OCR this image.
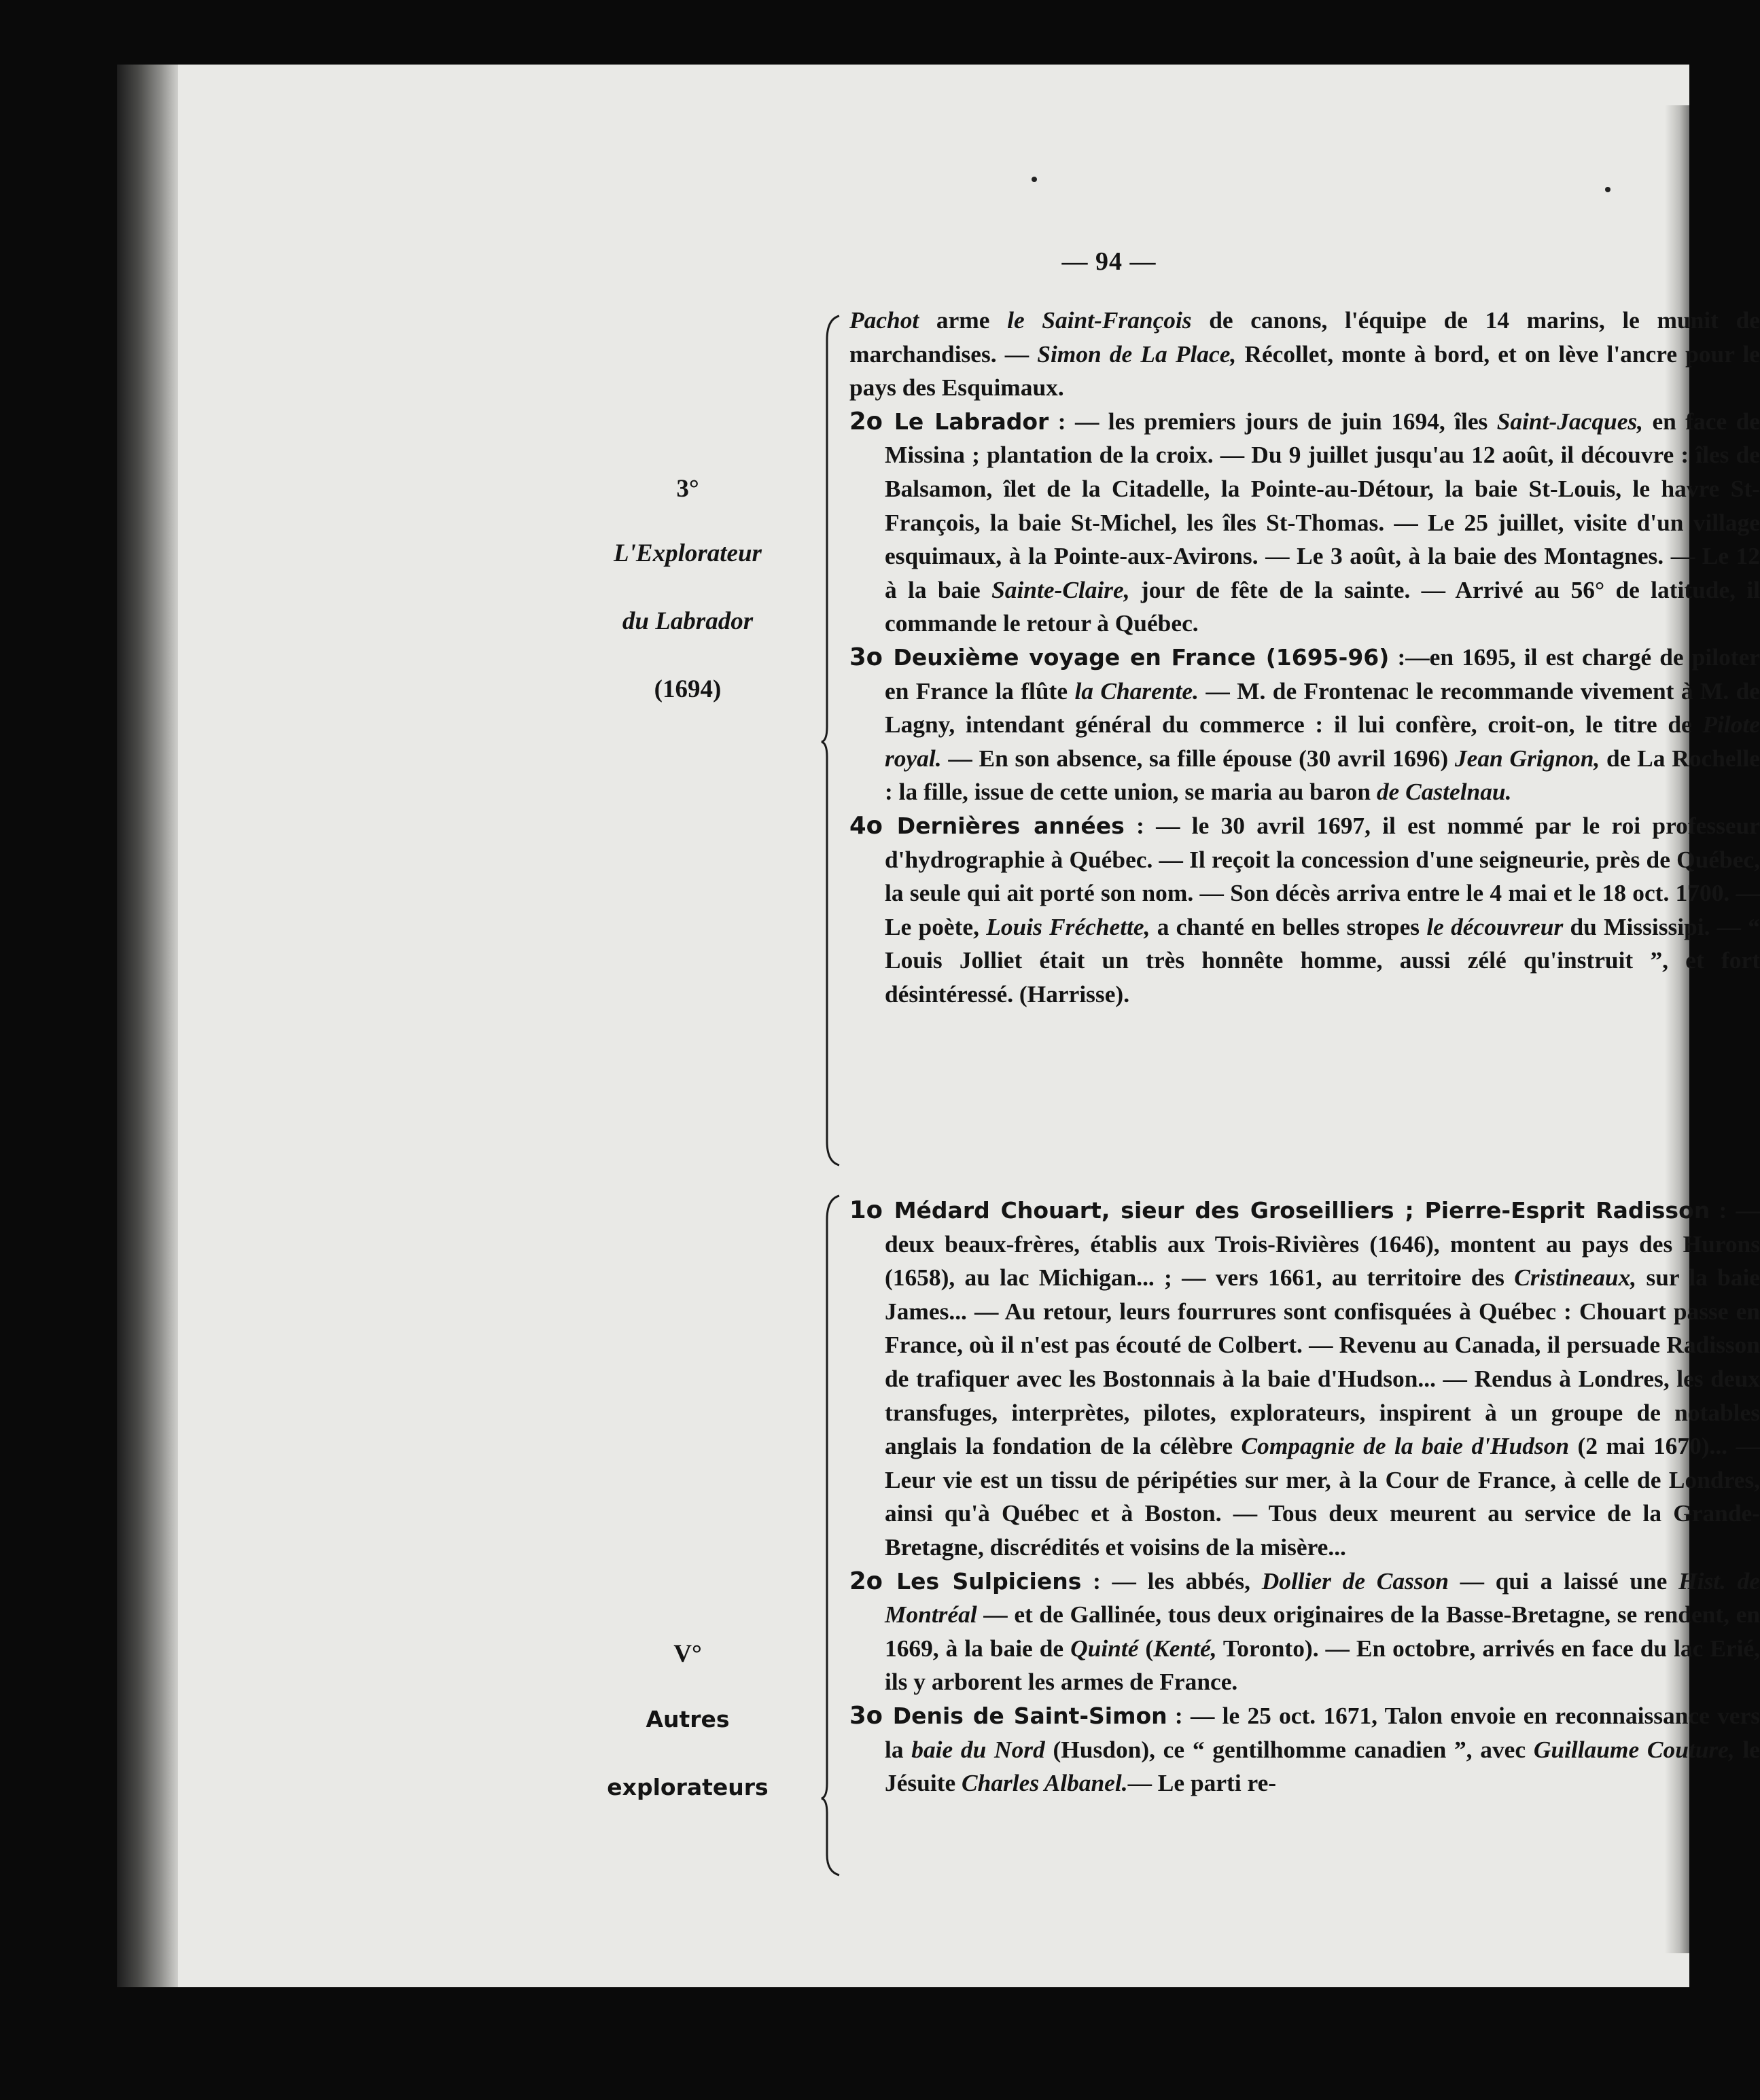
— 94 —
3°
L'Explorateur
du Labrador
(1694)
V°
Autres
explorateurs

Pachot arme le Saint-François de canons, l'équipe de 14 marins, le munit de marchandises. — Simon de La Place, Récollet, monte à bord, et on lève l'ancre pour le pays des Esquimaux.

2o Le Labrador : — les premiers jours de juin 1694, îles Saint-Jacques, en face de Missina ; plantation de la croix. — Du 9 juillet jusqu'au 12 août, il découvre : îles de Balsamon, îlet de la Citadelle, la Pointe-au-Détour, la baie St-Louis, le havre St-François, la baie St-Michel, les îles St-Thomas. — Le 25 juillet, visite d'un village esquimaux, à la Pointe-aux-Avirons. — Le 3 août, à la baie des Montagnes. — Le 12 à la baie Sainte-Claire, jour de fête de la sainte. — Arrivé au 56° de latitude, il commande le retour à Québec.

3o Deuxième voyage en France (1695-96) :—en 1695, il est chargé de piloter en France la flûte la Charente. — M. de Frontenac le recommande vivement à M. de Lagny, intendant général du commerce : il lui confère, croit-on, le titre de Pilote royal. — En son absence, sa fille épouse (30 avril 1696) Jean Grignon, de La Rochelle : la fille, issue de cette union, se maria au baron de Castelnau.

4o Dernières années : — le 30 avril 1697, il est nommé par le roi professeur d'hydrographie à Québec. — Il reçoit la concession d'une seigneurie, près de Québec, la seule qui ait porté son nom. — Son décès arriva entre le 4 mai et le 18 oct. 1700. — Le poète, Louis Fréchette, a chanté en belles stropes le découvreur du Mississipi. — “ Louis Jolliet était un très honnête homme, aussi zélé qu'instruit ”, et fort désintéressé. (Harrisse).

1o Médard Chouart, sieur des Groseilliers ; Pierre-Esprit Radisson : — deux beaux-frères, établis aux Trois-Rivières (1646), montent au pays des Hurons (1658), au lac Michigan... ; — vers 1661, au territoire des Cristineaux, sur la baie James... — Au retour, leurs fourrures sont confisquées à Québec : Chouart passe en France, où il n'est pas écouté de Colbert. — Revenu au Canada, il persuade Radisson de trafiquer avec les Bostonnais à la baie d'Hudson... — Rendus à Londres, les deux transfuges, interprètes, pilotes, explorateurs, inspirent à un groupe de notables anglais la fondation de la célèbre Compagnie de la baie d'Hudson (2 mai 1670)... — Leur vie est un tissu de péripéties sur mer, à la Cour de France, à celle de Londres, ainsi qu'à Québec et à Boston. — Tous deux meurent au service de la Grande-Bretagne, discrédités et voisins de la misère...

2o Les Sulpiciens : — les abbés, Dollier de Casson — qui a laissé une Hist. de Montréal — et de Gallinée, tous deux originaires de la Basse-Bretagne, se rendent, en 1669, à la baie de Quinté (Kenté, Toronto). — En octobre, arrivés en face du lac Erié, ils y arborent les armes de France.

3o Denis de Saint-Simon : — le 25 oct. 1671, Talon envoie en reconnaissance vers la baie du Nord (Husdon), ce “ gentilhomme canadien ”, avec Guillaume Couture, le Jésuite Charles Albanel.— Le parti re-
